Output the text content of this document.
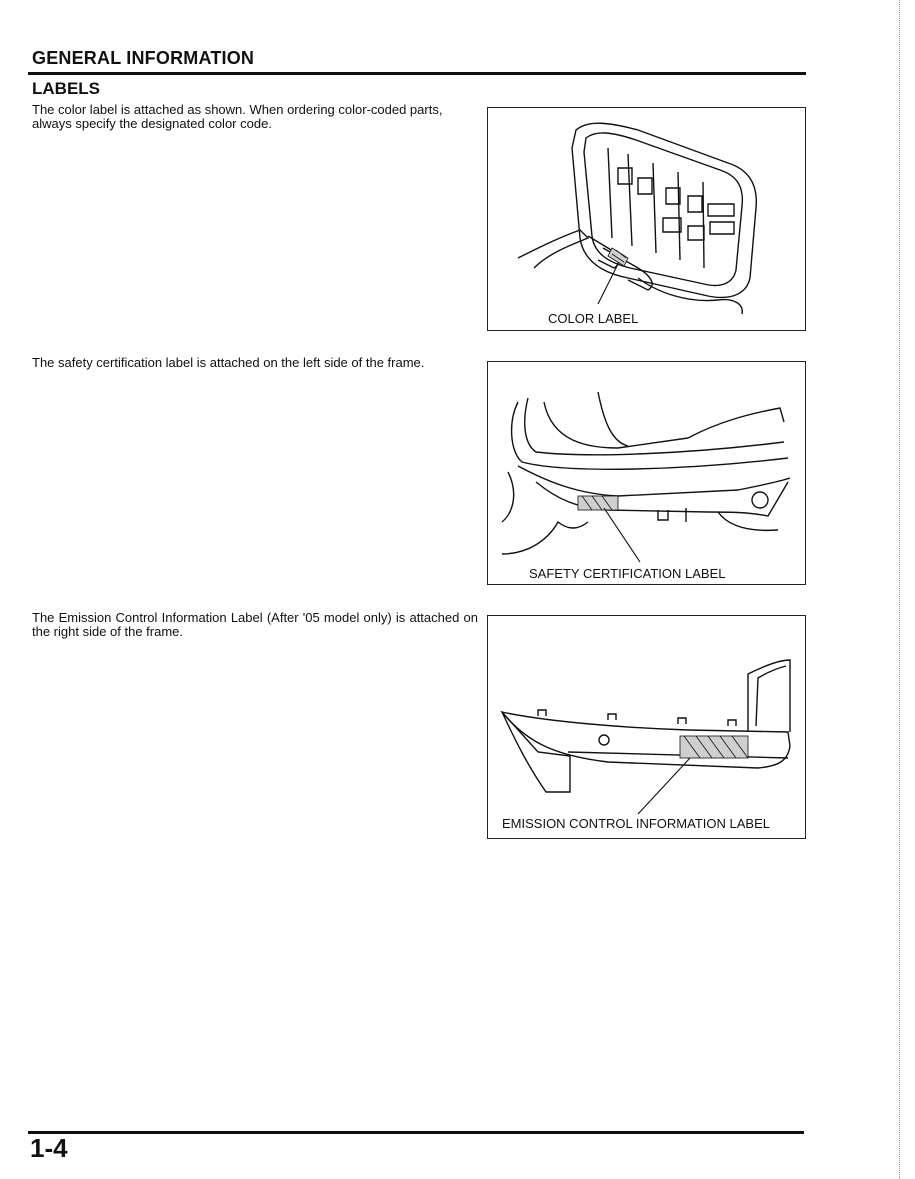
GENERAL INFORMATION
LABELS
The color label is attached as shown. When ordering color-coded parts, always specify the designated color code.
The safety certification label is attached on the left side of the frame.
The Emission Control Information Label (After '05 model only) is attached on the right side of the frame.
COLOR LABEL
SAFETY CERTIFICATION LABEL
EMISSION CONTROL INFORMATION LABEL
1-4
